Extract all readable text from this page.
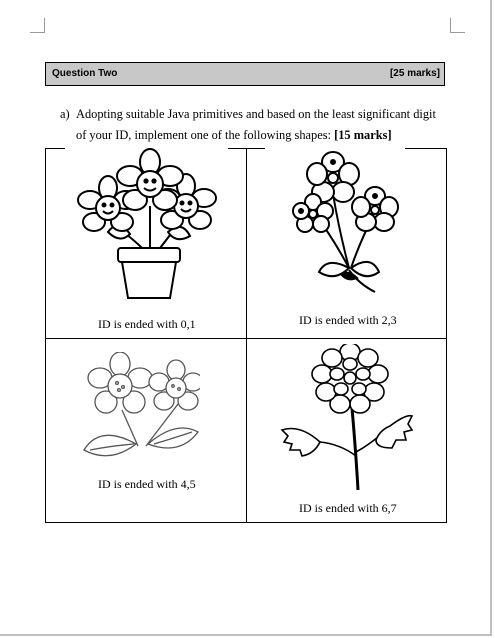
Question Two	[25 marks]
a) Adopting suitable Java primitives and based on the least significant digit of your ID, implement one of the following shapes: [15 marks]
ID is ended with 0,1	ID is ended with 2,3
ID is ended with 4,5
ID is ended with 6,7
